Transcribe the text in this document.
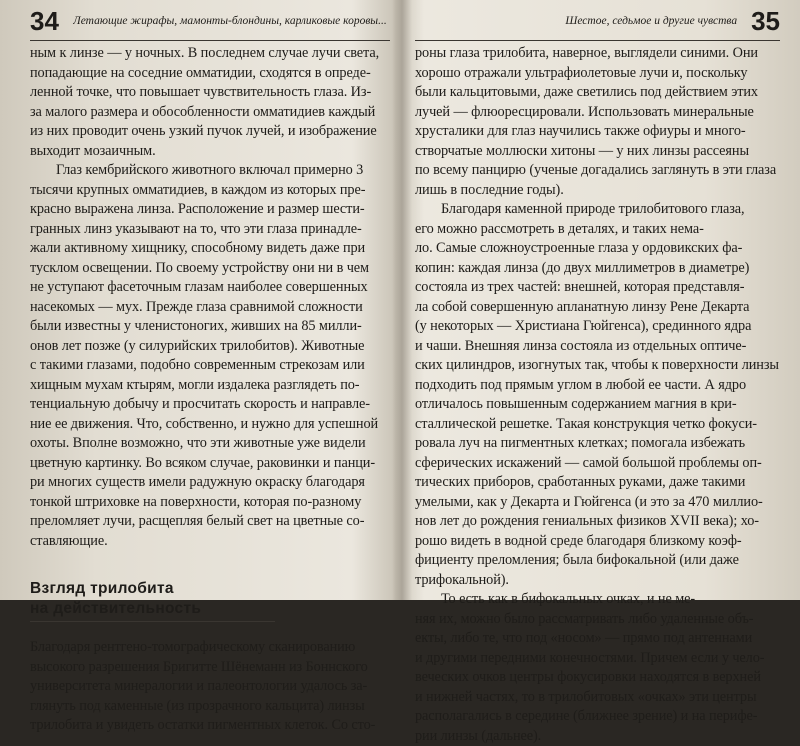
34 Летающие жирафы, мамонты-блондины, карликовые коровы...
ным к линзе — у ночных. В последнем случае лучи света,
попадающие на соседние омматидии, сходятся в опреде-
ленной точке, что повышает чувствительность глаза. Из-
за малого размера и обособленности омматидиев каждый
из них проводит очень узкий пучок лучей, и изображение
выходит мозаичным.
Глаз кембрийского животного включал примерно 3
тысячи крупных омматидиев, в каждом из которых пре-
красно выражена линза. Расположение и размер шести-
гранных линз указывают на то, что эти глаза принадле-
жали активному хищнику, способному видеть даже при
тусклом освещении. По своему устройству они ни в чем
не уступают фасеточным глазам наиболее совершенных
насекомых — мух. Прежде глаза сравнимой сложности
были известны у членистоногих, живших на 85 милли-
онов лет позже (у силурийских трилобитов). Животные
с такими глазами, подобно современным стрекозам или
хищным мухам ктырям, могли издалека разглядеть по-
тенциальную добычу и просчитать скорость и направле-
ние ее движения. Что, собственно, и нужно для успешной
охоты. Вполне возможно, что эти животные уже видели
цветную картинку. Во всяком случае, раковинки и панци-
ри многих существ имели радужную окраску благодаря
тонкой штриховке на поверхности, которая по-разному
преломляет лучи, расщепляя белый свет на цветные со-
ставляющие.
Взгляд трилобита
на действительность
Благодаря рентгено-томографическому сканированию
высокого разрешения Бригитте Шёнеманн из Боннского
университета минералогии и палеонтологии удалось за-
глянуть под каменные (из прозрачного кальцита) линзы
трилобита и увидеть остатки пигментных клеток. Со сто-
Шестое, седьмое и другие чувства 35
роны глаза трилобита, наверное, выглядели синими. Они
хорошо отражали ультрафиолетовые лучи и, поскольку
были кальцитовыми, даже светились под действием этих
лучей — флюоресцировали. Использовать минеральные
хрусталики для глаз научились также офиуры и много-
створчатые моллюски хитоны — у них линзы рассеяны
по всему панцирю (ученые догадались заглянуть в эти глаза
лишь в последние годы).
Благодаря каменной природе трилобитового глаза,
его можно рассмотреть в деталях, и таких нема-
ло. Самые сложноустроенные глаза у ордовикских фа-
копин: каждая линза (до двух миллиметров в диаметре)
состояла из трех частей: внешней, которая представля-
ла собой совершенную апланатную линзу Рене Декарта
(у некоторых — Христиана Гюйгенса), срединного ядра
и чаши. Внешняя линза состояла из отдельных оптиче-
ских цилиндров, изогнутых так, чтобы к поверхности линзы
подходить под прямым углом в любой ее части. А ядро
отличалось повышенным содержанием магния в кри-
сталлической решетке. Такая конструкция четко фокуси-
ровала луч на пигментных клетках; помогала избежать
сферических искажений — самой большой проблемы оп-
тических приборов, сработанных руками, даже такими
умелыми, как у Декарта и Гюйгенса (и это за 470 миллио-
нов лет до рождения гениальных физиков XVII века); хо-
рошо видеть в водной среде благодаря близкому коэф-
фициенту преломления; была бифокальной (или даже
трифокальной).
То есть как в бифокальных очках, и не ме-
няя их, можно было рассматривать либо удаленные объ-
екты, либо те, что под «носом» — прямо под антеннами
и другими передними конечностями. Причем если у чело-
веческих очков центры фокусировки находятся в верхней
и нижней частях, то в трилобитовых «очках» эти центры
располагались в середине (ближнее зрение) и на перифе-
рии линзы (дальнее).
